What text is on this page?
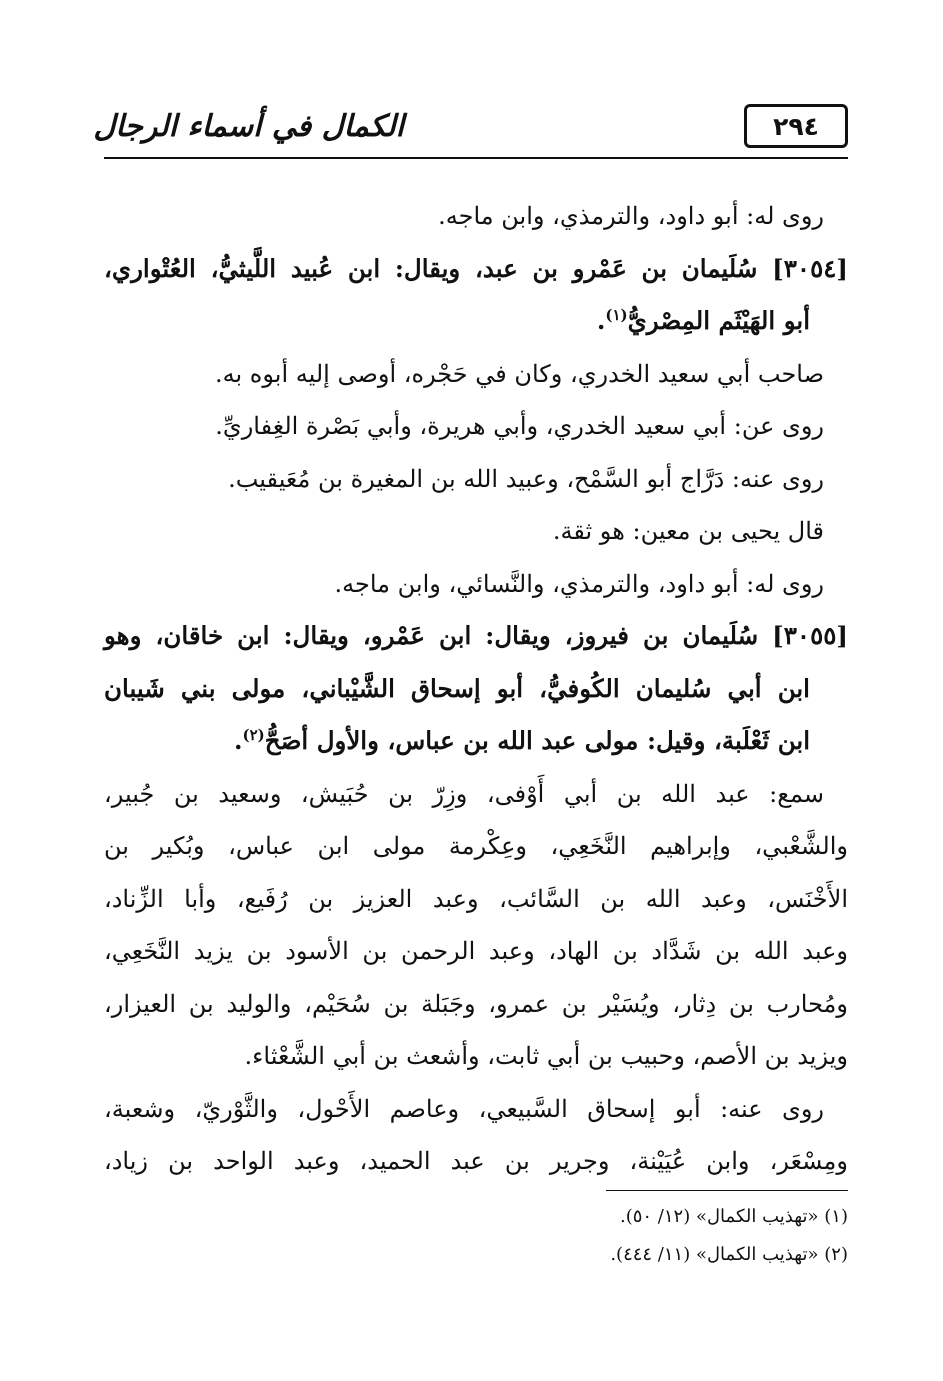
٢٩٤
الكمال في أسماء الرجال
روى له: أبو داود، والترمذي، وابن ماجه.
[٣٠٥٤] سُلَيمان بن عَمْرو بن عبد، ويقال: ابن عُبيد اللَّيثيُّ، العُتْواري،
أبو الهَيْثَم المِصْريُّ$^{(١)}$.
صاحب أبي سعيد الخدري، وكان في حَجْره، أوصى إليه أبوه به.
روى عن: أبي سعيد الخدري، وأبي هريرة، وأبي بَصْرة الغِفاريِّ.
روى عنه: دَرَّاج أبو السَّمْح، وعبيد الله بن المغيرة بن مُعَيقيب.
قال يحيى بن معين: هو ثقة.
روى له: أبو داود، والترمذي، والنَّسائي، وابن ماجه.
[٣٠٥٥] سُلَيمان بن فيروز، ويقال: ابن عَمْرو، ويقال: ابن خاقان، وهو
ابن أبي سُليمان الكُوفيُّ، أبو إسحاق الشَّيْباني، مولى بني شَيبان
ابن ثَعْلَبة، وقيل: مولى عبد الله بن عباس، والأول أصَحُّ$^{(٢)}$.
سمع: عبد الله بن أبي أَوْفى، وزِرّ بن حُبَيش، وسعيد بن جُبير،
والشَّعْبي، وإبراهيم النَّخَعِي، وعِكْرمة مولى ابن عباس، وبُكير بن
الأَخْنَس، وعبد الله بن السَّائب، وعبد العزيز بن رُفَيع، وأبا الزِّناد،
وعبد الله بن شَدَّاد بن الهاد، وعبد الرحمن بن الأسود بن يزيد النَّخَعِي،
ومُحارب بن دِثار، ويُسَيْر بن عمرو، وجَبَلة بن سُحَيْم، والوليد بن العيزار،
ويزيد بن الأصم، وحبيب بن أبي ثابت، وأشعث بن أبي الشَّعْثاء.
روى عنه: أبو إسحاق السَّبيعي، وعاصم الأَحْول، والثَّوْريّ، وشعبة،
ومِسْعَر، وابن عُيَيْنة، وجرير بن عبد الحميد، وعبد الواحد بن زياد،
(١) «تهذيب الكمال» (١٢/ ٥٠).
(٢) «تهذيب الكمال» (١١/ ٤٤٤).
